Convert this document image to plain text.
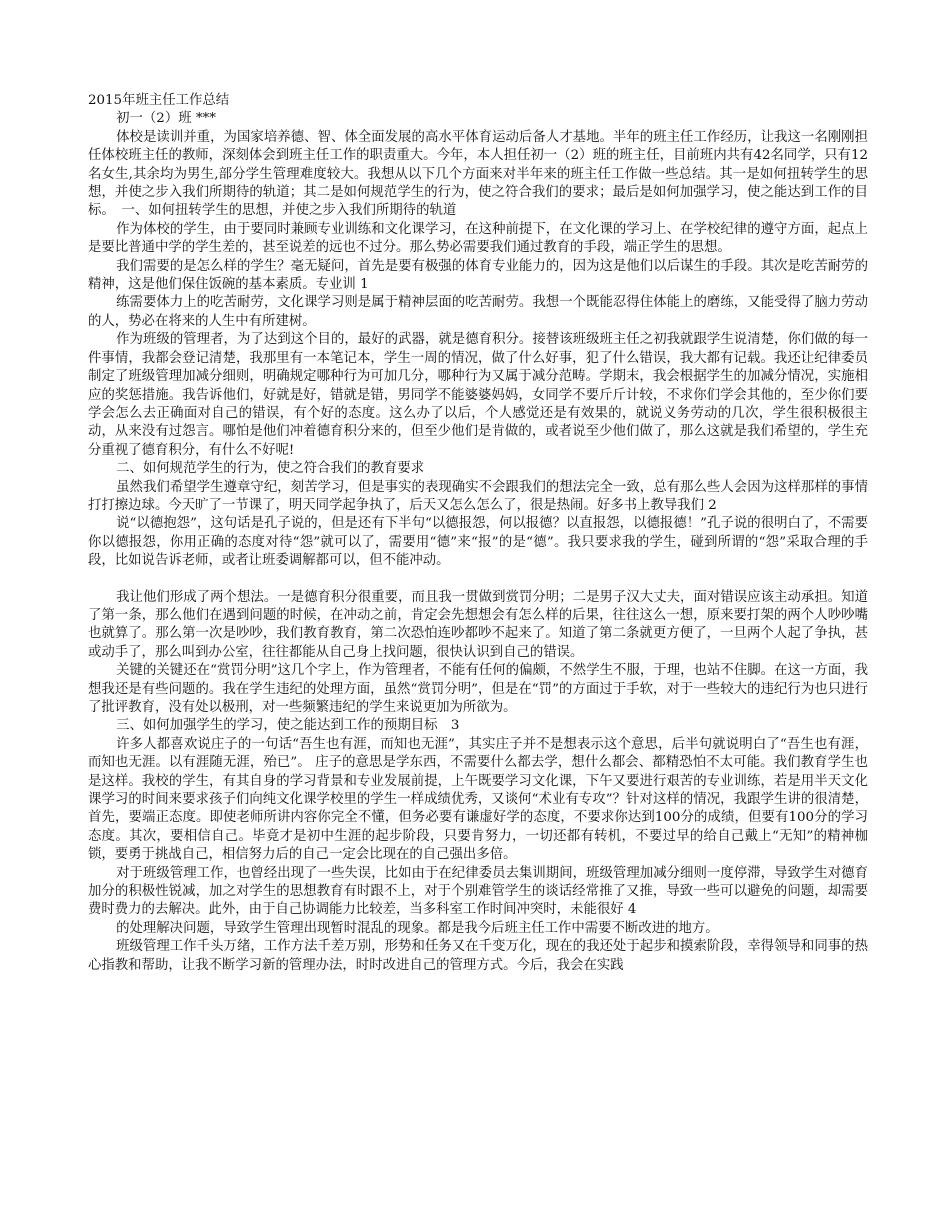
2015年班主任工作总结
初一（2）班 ***
体校是读训并重，为国家培养德、智、体全面发展的高水平体育运动后备人才基地。半年的班主任工作经历，让我这一名刚刚担任体校班主任的教师，深刻体会到班主任工作的职责重大。今年，本人担任初一（2）班的班主任，目前班内共有42名同学，只有12名女生,其余均为男生,部分学生管理难度较大。我想从以下几个方面来对半年来的班主任工作做一些总结。其一是如何扭转学生的思想，并使之步入我们所期待的轨道；其二是如何规范学生的行为，使之符合我们的要求；最后是如何加强学习，使之能达到工作的目标。　一、如何扭转学生的思想，并使之步入我们所期待的轨道
作为体校的学生，由于要同时兼顾专业训练和文化课学习，在这种前提下，在文化课的学习上、在学校纪律的遵守方面，起点上是要比普通中学的学生差的，甚至说差的远也不过分。那么势必需要我们通过教育的手段，端正学生的思想。
我们需要的是怎么样的学生？毫无疑问，首先是要有极强的体育专业能力的，因为这是他们以后谋生的手段。其次是吃苦耐劳的精神，这是他们保住饭碗的基本素质。专业训 1
练需要体力上的吃苦耐劳，文化课学习则是属于精神层面的吃苦耐劳。我想一个既能忍得住体能上的磨练，又能受得了脑力劳动的人，势必在将来的人生中有所建树。
作为班级的管理者，为了达到这个目的，最好的武器，就是德育积分。接替该班级班主任之初我就跟学生说清楚，你们做的每一件事情，我都会登记清楚，我那里有一本笔记本，学生一周的情况，做了什么好事，犯了什么错误，我大都有记载。我还让纪律委员制定了班级管理加减分细则，明确规定哪种行为可加几分，哪种行为又属于减分范畴。学期末，我会根据学生的加减分情况，实施相应的奖惩措施。我告诉他们，好就是好，错就是错，男同学不能婆婆妈妈，女同学不要斤斤计较，不求你们学会其他的，至少你们要学会怎么去正确面对自己的错误，有个好的态度。这么办了以后，个人感觉还是有效果的，就说义务劳动的几次，学生很积极很主动，从来没有过怨言。哪怕是他们冲着德育积分来的，但至少他们是肯做的，或者说至少他们做了，那么这就是我们希望的，学生充分重视了德育积分，有什么不好呢!
二、如何规范学生的行为，使之符合我们的教育要求
虽然我们希望学生遵章守纪，刻苦学习，但是事实的表现确实不会跟我们的想法完全一致，总有那么些人会因为这样那样的事情打打擦边球。今天旷了一节课了，明天同学起争执了，后天又怎么怎么了，很是热闹。好多书上教导我们 2
说“以德抱怨”，这句话是孔子说的，但是还有下半句“以德报怨，何以报德？以直报怨，以德报德！”孔子说的很明白了，不需要你以德报怨，你用正确的态度对待“怨”就可以了，需要用“德”来“报”的是“德”。我只要求我的学生，碰到所谓的“怨”采取合理的手段，比如说告诉老师，或者让班委调解都可以，但不能冲动。
我让他们形成了两个想法。一是德育积分很重要，而且我一贯做到赏罚分明；二是男子汉大丈夫，面对错误应该主动承担。知道了第一条，那么他们在遇到问题的时候，在冲动之前，肯定会先想想会有怎么样的后果，往往这么一想，原来要打架的两个人吵吵嘴也就算了。那么第一次是吵吵，我们教育教育，第二次恐怕连吵都吵不起来了。知道了第二条就更方便了，一旦两个人起了争执，甚或动手了，那么叫到办公室，往往都能从自己身上找问题，很快认识到自己的错误。
关键的关键还在“赏罚分明”这几个字上，作为管理者，不能有任何的偏颇，不然学生不服，于理，也站不住脚。在这一方面，我想我还是有些问题的。我在学生违纪的处理方面，虽然“赏罚分明”，但是在“罚”的方面过于手软，对于一些较大的违纪行为也只进行了批评教育，没有处以极刑，对一些频繁违纪的学生来说更加为所欲为。
三、如何加强学生的学习，使之能达到工作的预期目标　3
许多人都喜欢说庄子的一句话“吾生也有涯，而知也无涯”，其实庄子并不是想表示这个意思，后半句就说明白了“吾生也有涯，而知也无涯。以有涯随无涯，殆已”。 庄子的意思是学东西，不需要什么都去学，想什么都会、都精恐怕不太可能。我们教育学生也是这样。我校的学生，有其自身的学习背景和专业发展前提，上午既要学习文化课，下午又要进行艰苦的专业训练，若是用半天文化课学习的时间来要求孩子们向纯文化课学校里的学生一样成绩优秀，又谈何“术业有专攻”？针对这样的情况，我跟学生讲的很清楚，首先，要端正态度。即使老师所讲内容你完全不懂，但务必要有谦虚好学的态度，不要求你达到100分的成绩，但要有100分的学习态度。其次，要相信自己。毕竟才是初中生涯的起步阶段，只要肯努力，一切还都有转机，不要过早的给自己戴上“无知”的精神枷锁，要勇于挑战自己，相信努力后的自己一定会比现在的自己强出多倍。
对于班级管理工作，也曾经出现了一些失误，比如由于在纪律委员去集训期间，班级管理加减分细则一度停滞，导致学生对德育加分的积极性锐减，加之对学生的思想教育有时跟不上，对于个别难管学生的谈话经常推了又推，导致一些可以避免的问题，却需要费时费力的去解决。此外，由于自己协调能力比较差，当多科室工作时间冲突时，未能很好 4
的处理解决问题，导致学生管理出现暂时混乱的现象。都是我今后班主任工作中需要不断改进的地方。
班级管理工作千头万绪，工作方法千差万别，形势和任务又在千变万化，现在的我还处于起步和摸索阶段，幸得领导和同事的热心指教和帮助，让我不断学习新的管理办法，时时改进自己的管理方式。今后，我会在实践
